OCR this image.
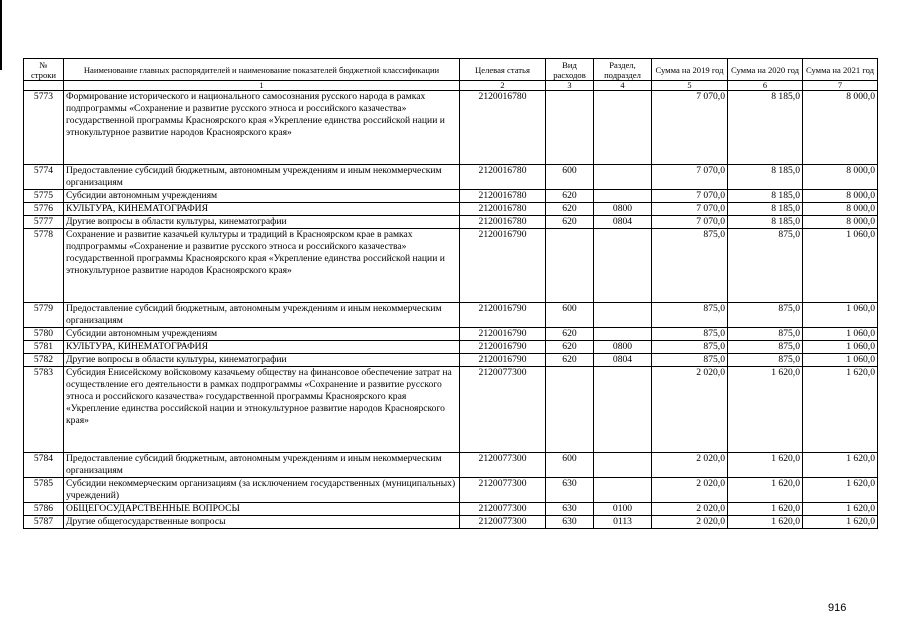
№ строки	Наименование главных распорядителей и наименование показателей бюджетной классификации	Целевая статья	Вид расходов	Раздел, подраздел	Сумма на 2019 год	Сумма на 2020 год	Сумма на 2021 год
	1	2	3	4	5	6	7
5773	Формирование исторического и национального самосознания русского народа в рамках подпрограммы «Сохранение и развитие русского этноса и российского казачества» государственной программы Красноярского края «Укрепление единства российской нации и этнокультурное развитие народов Красноярского края»	2120016780			7 070,0	8 185,0	8 000,0
5774	Предоставление субсидий бюджетным, автономным учреждениям и иным некоммерческим организациям	2120016780	600		7 070,0	8 185,0	8 000,0
5775	Субсидии автономным учреждениям	2120016780	620		7 070,0	8 185,0	8 000,0
5776	КУЛЬТУРА, КИНЕМАТОГРАФИЯ	2120016780	620	0800	7 070,0	8 185,0	8 000,0
5777	Другие вопросы в области культуры, кинематографии	2120016780	620	0804	7 070,0	8 185,0	8 000,0
5778	Сохранение и развитие казачьей культуры и традиций в Красноярском крае в рамках подпрограммы «Сохранение и развитие русского этноса и российского казачества» государственной программы Красноярского края «Укрепление единства российской нации и этнокультурное развитие народов Красноярского края»	2120016790			875,0	875,0	1 060,0
5779	Предоставление субсидий бюджетным, автономным учреждениям и иным некоммерческим организациям	2120016790	600		875,0	875,0	1 060,0
5780	Субсидии автономным учреждениям	2120016790	620		875,0	875,0	1 060,0
5781	КУЛЬТУРА, КИНЕМАТОГРАФИЯ	2120016790	620	0800	875,0	875,0	1 060,0
5782	Другие вопросы в области культуры, кинематографии	2120016790	620	0804	875,0	875,0	1 060,0
5783	Субсидия Енисейскому войсковому казачьему обществу на финансовое обеспечение затрат на осуществление его деятельности в рамках подпрограммы «Сохранение и развитие русского этноса и российского казачества» государственной программы Красноярского края «Укрепление единства российской нации и этнокультурное развитие народов Красноярского края»	2120077300			2 020,0	1 620,0	1 620,0
5784	Предоставление субсидий бюджетным, автономным учреждениям и иным некоммерческим организациям	2120077300	600		2 020,0	1 620,0	1 620,0
5785	Субсидии некоммерческим организациям (за исключением государственных (муниципальных) учреждений)	2120077300	630		2 020,0	1 620,0	1 620,0
5786	ОБЩЕГОСУДАРСТВЕННЫЕ ВОПРОСЫ	2120077300	630	0100	2 020,0	1 620,0	1 620,0
5787	Другие общегосударственные вопросы	2120077300	630	0113	2 020,0	1 620,0	1 620,0
916
